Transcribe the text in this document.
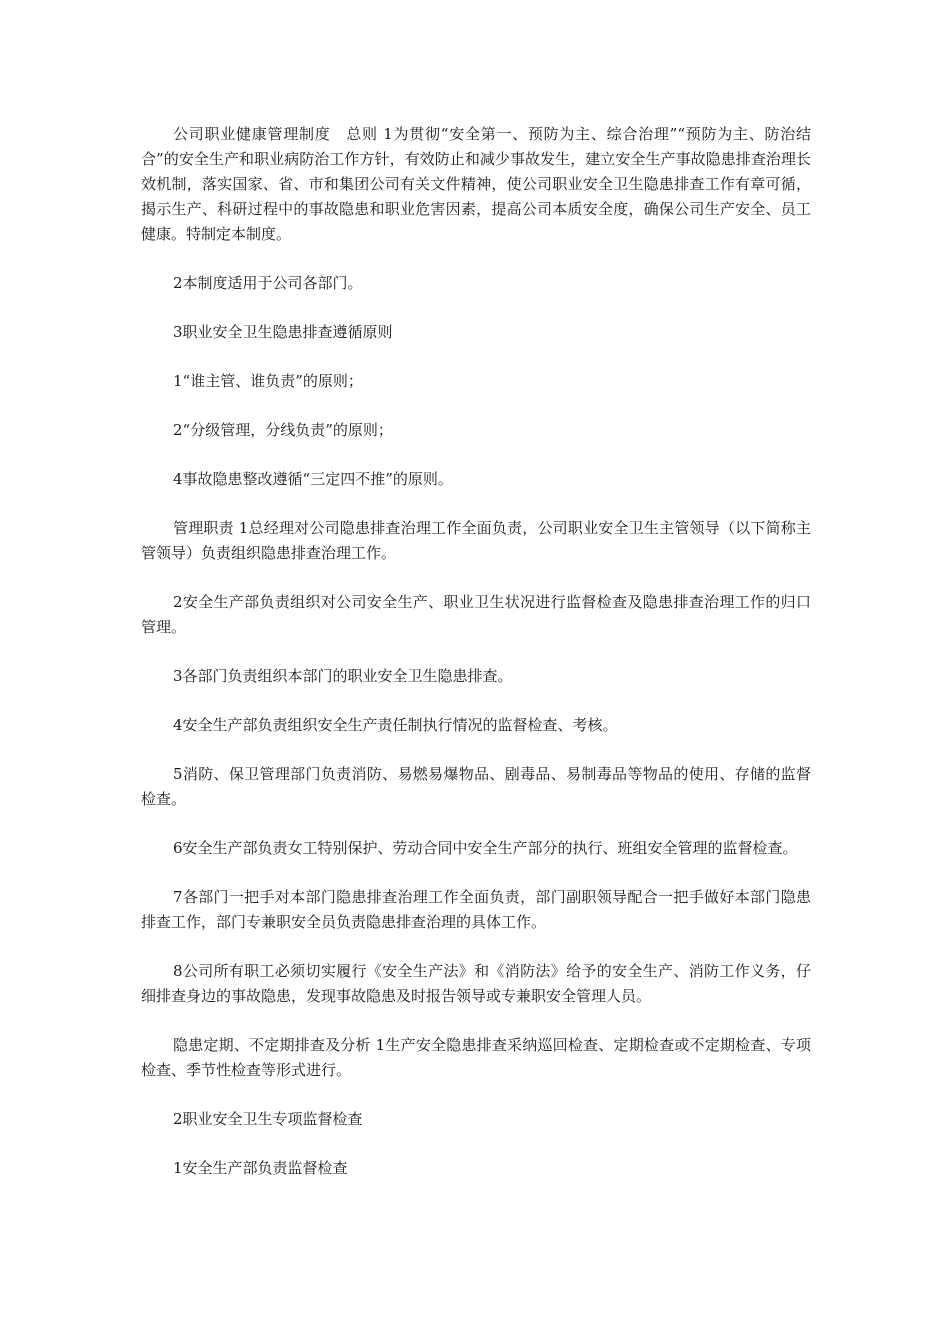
公司职业健康管理制度　总则 1为贯彻“安全第一、预防为主、综合治理”“预防为主、防治结合”的安全生产和职业病防治工作方针，有效防止和减少事故发生，建立安全生产事故隐患排查治理长效机制，落实国家、省、市和集团公司有关文件精神，使公司职业安全卫生隐患排查工作有章可循，揭示生产、科研过程中的事故隐患和职业危害因素，提高公司本质安全度，确保公司生产安全、员工健康。特制定本制度。

2本制度适用于公司各部门。

3职业安全卫生隐患排查遵循原则

1“谁主管、谁负责”的原则；

2“分级管理，分线负责”的原则；

4事故隐患整改遵循“三定四不推”的原则。

管理职责 1总经理对公司隐患排查治理工作全面负责，公司职业安全卫生主管领导（以下简称主管领导）负责组织隐患排查治理工作。

2安全生产部负责组织对公司安全生产、职业卫生状况进行监督检查及隐患排查治理工作的归口管理。

3各部门负责组织本部门的职业安全卫生隐患排查。

4安全生产部负责组织安全生产责任制执行情况的监督检查、考核。

5消防、保卫管理部门负责消防、易燃易爆物品、剧毒品、易制毒品等物品的使用、存储的监督检查。

6安全生产部负责女工特别保护、劳动合同中安全生产部分的执行、班组安全管理的监督检查。

7各部门一把手对本部门隐患排查治理工作全面负责，部门副职领导配合一把手做好本部门隐患排查工作，部门专兼职安全员负责隐患排查治理的具体工作。

8公司所有职工必须切实履行《安全生产法》和《消防法》给予的安全生产、消防工作义务，仔细排查身边的事故隐患，发现事故隐患及时报告领导或专兼职安全管理人员。

隐患定期、不定期排查及分析 1生产安全隐患排查采纳巡回检查、定期检查或不定期检查、专项检查、季节性检查等形式进行。

2职业安全卫生专项监督检查

1安全生产部负责监督检查
